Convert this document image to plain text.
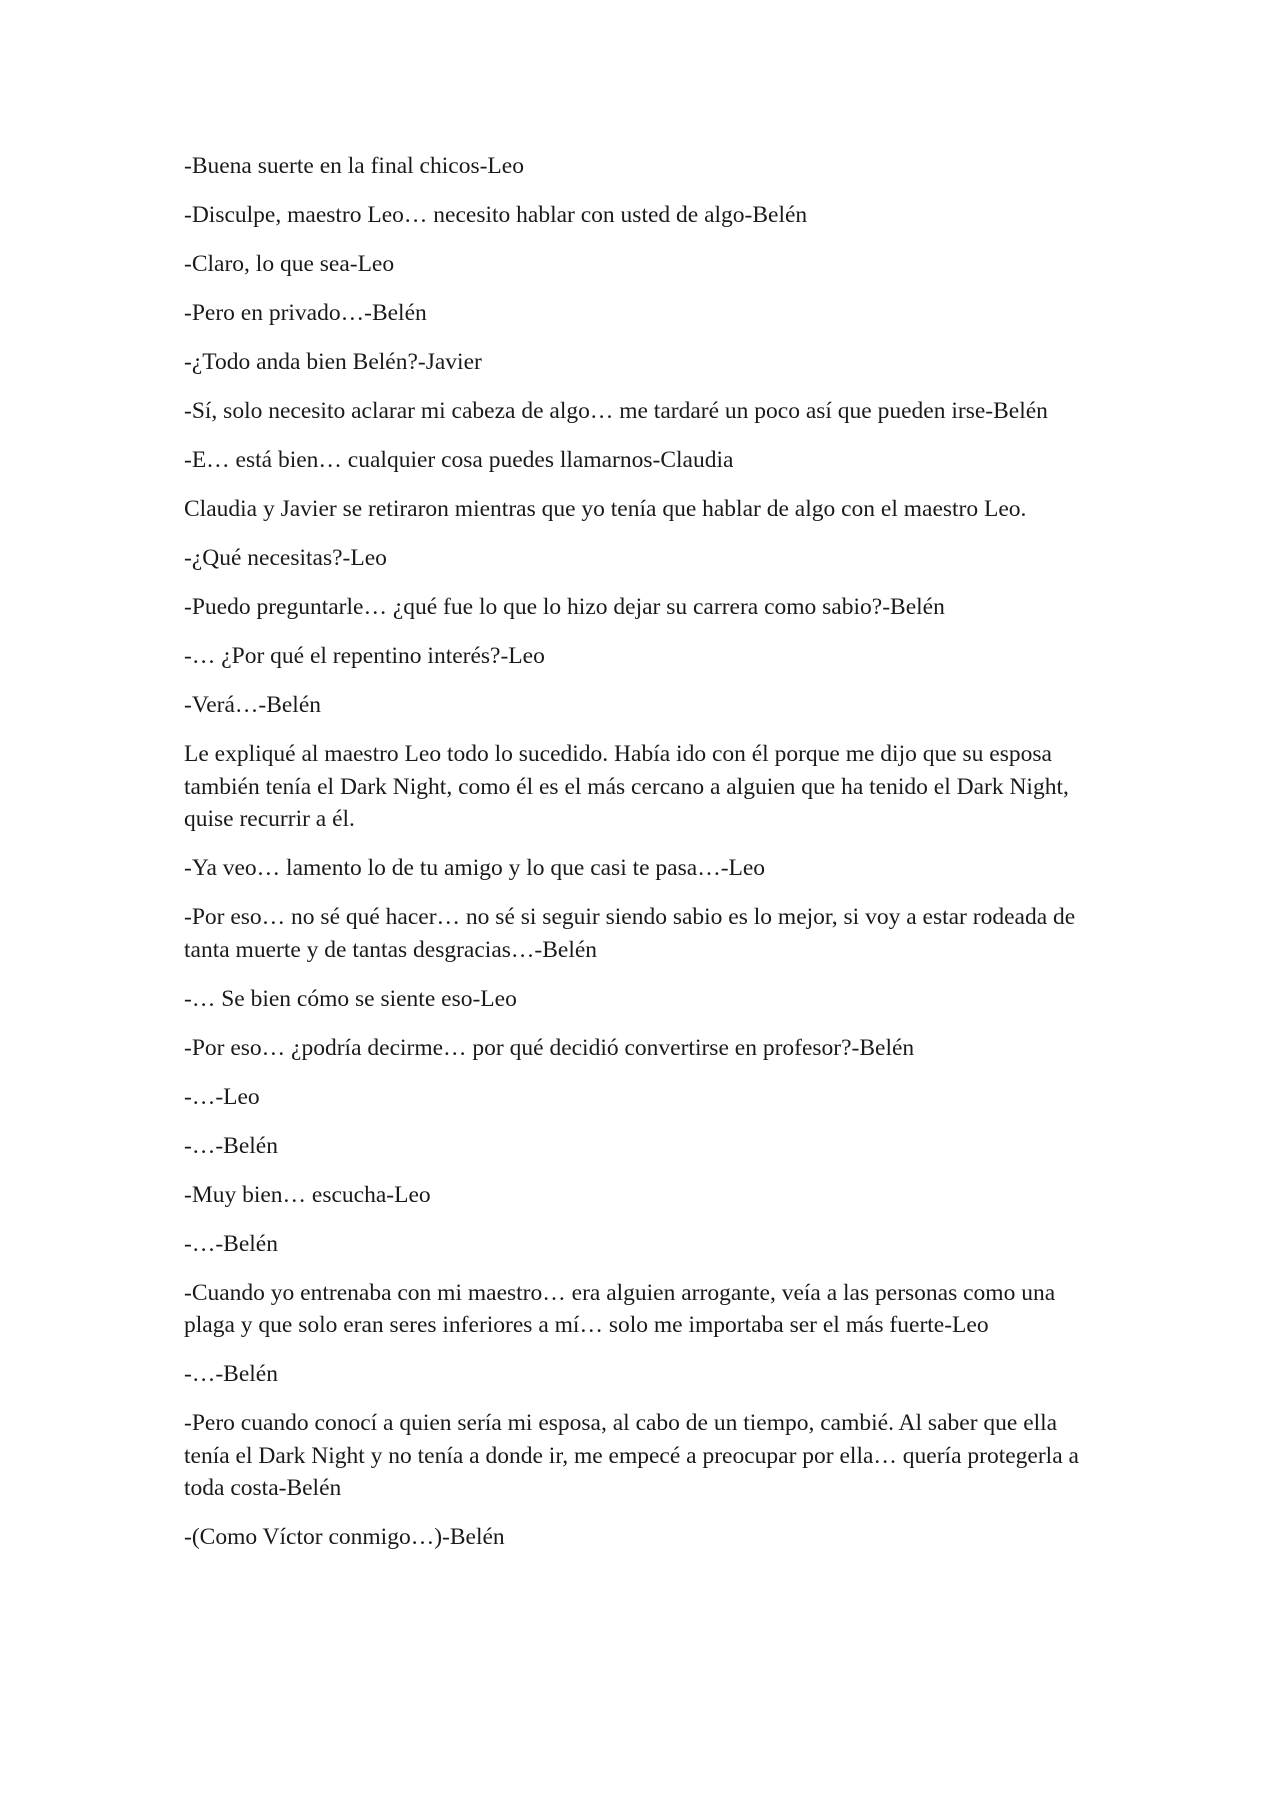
-Buena suerte en la final chicos-Leo

-Disculpe, maestro Leo… necesito hablar con usted de algo-Belén

-Claro, lo que sea-Leo

-Pero en privado…-Belén

-¿Todo anda bien Belén?-Javier

-Sí, solo necesito aclarar mi cabeza de algo… me tardaré un poco así que pueden irse-Belén

-E… está bien… cualquier cosa puedes llamarnos-Claudia

Claudia y Javier se retiraron mientras que yo tenía que hablar de algo con el maestro Leo.

-¿Qué necesitas?-Leo

-Puedo preguntarle… ¿qué fue lo que lo hizo dejar su carrera como sabio?-Belén

-… ¿Por qué el repentino interés?-Leo

-Verá…-Belén

Le expliqué al maestro Leo todo lo sucedido. Había ido con él porque me dijo que su esposa también tenía el Dark Night, como él es el más cercano a alguien que ha tenido el Dark Night, quise recurrir a él.

-Ya veo… lamento lo de tu amigo y lo que casi te pasa…-Leo

-Por eso… no sé qué hacer… no sé si seguir siendo sabio es lo mejor, si voy a estar rodeada de tanta muerte y de tantas desgracias…-Belén

-… Se bien cómo se siente eso-Leo

-Por eso… ¿podría decirme… por qué decidió convertirse en profesor?-Belén

-…-Leo

-…-Belén

-Muy bien… escucha-Leo

-…-Belén

-Cuando yo entrenaba con mi maestro… era alguien arrogante, veía a las personas como una plaga y que solo eran seres inferiores a mí… solo me importaba ser el más fuerte-Leo

-…-Belén

-Pero cuando conocí a quien sería mi esposa, al cabo de un tiempo, cambié. Al saber que ella tenía el Dark Night y no tenía a donde ir, me empecé a preocupar por ella… quería protegerla a toda costa-Belén

-(Como Víctor conmigo…)-Belén
